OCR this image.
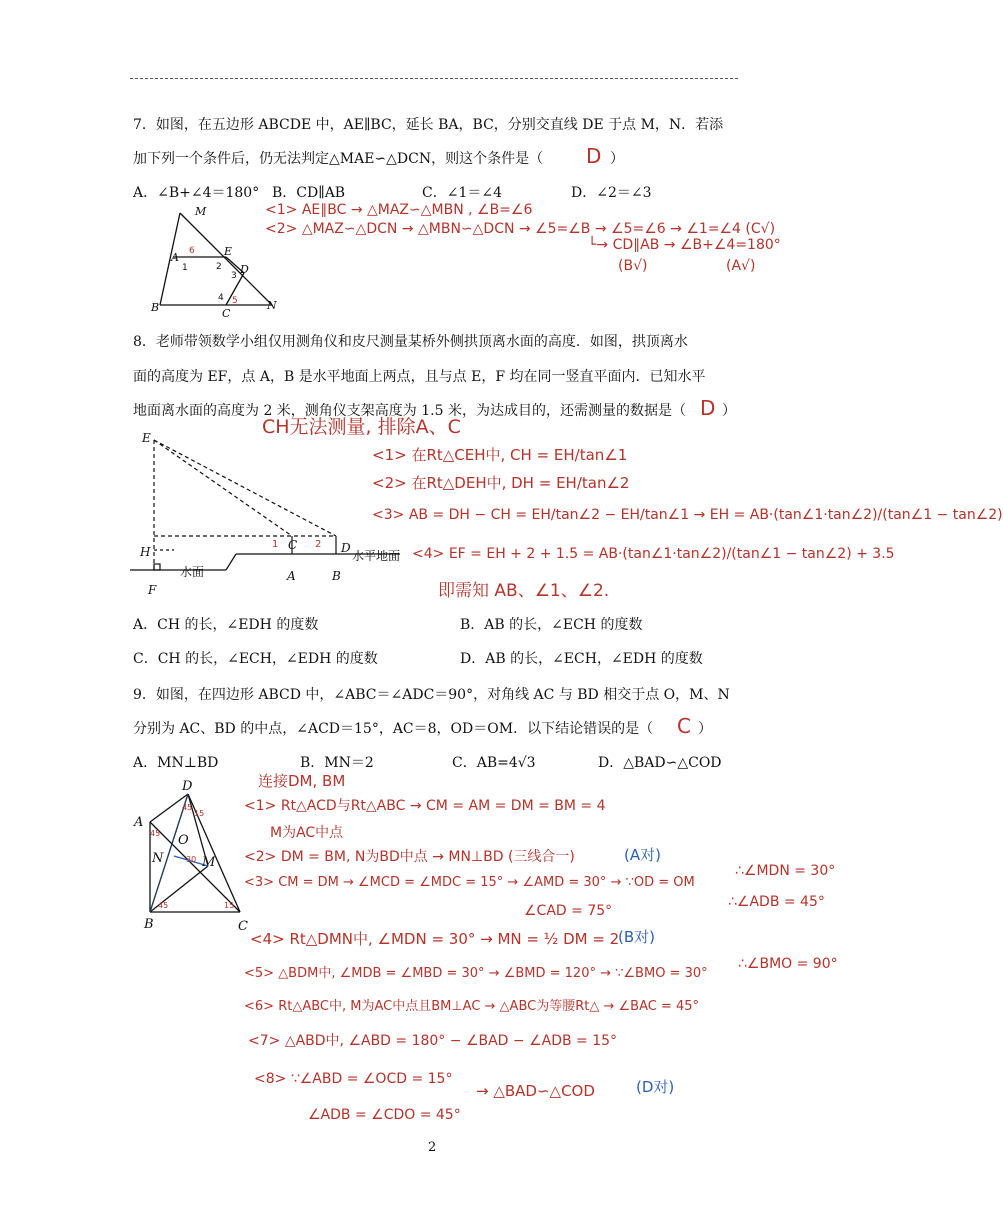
7．如图，在五边形 ABCDE 中，AE∥BC，延长 BA，BC，分别交直线 DE 于点 M，N．若添
加下列一个条件后，仍无法判定△MAE∽△DCN，则这个条件是（ D ）
A．∠B+∠4＝180° B．CD∥AB	C．∠1＝∠4	D．∠2＝∠3
M
A	E
D
B	C
N
1	2
3
4
6
5
<1> AE∥BC → △MAZ∽△MBN , ∠B=∠6
<2> △MAZ∽△DCN → △MBN∽△DCN → ∠5=∠B → ∠5=∠6 → ∠1=∠4 (C√)
└→ CD∥AB → ∠B+∠4=180°
(B√)	(A√)
8．老师带领数学小组仅用测角仪和皮尺测量某桥外侧拱顶离水面的高度．如图，拱顶离水
面的高度为 EF，点 A，B 是水平地面上两点，且与点 E，F 均在同一竖直平面内．已知水平
地面离水面的高度为 2 米，测角仪支架高度为 1.5 米，为达成目的，还需测量的数据是（ D ）
E
H
F
C	D
A	B
水面
水平地面
1	2
CH无法测量, 排除A、C
<1> 在Rt△CEH中, CH = EH/tan∠1
<2> 在Rt△DEH中, DH = EH/tan∠2
<3> AB = DH − CH = EH/tan∠2 − EH/tan∠1 → EH = AB·(tan∠1·tan∠2)/(tan∠1 − tan∠2)
<4> EF = EH + 2 + 1.5 = AB·(tan∠1·tan∠2)/(tan∠1 − tan∠2) + 3.5
即需知 AB、∠1、∠2.
A．CH 的长，∠EDH 的度数	B．AB 的长，∠ECH 的度数
C．CH 的长，∠ECH，∠EDH 的度数	D．AB 的长，∠ECH，∠EDH 的度数
9．如图，在四边形 ABCD 中，∠ABC＝∠ADC＝90°，对角线 AC 与 BD 相交于点 O，M、N
分别为 AC、BD 的中点，∠ACD＝15°，AC＝8，OD＝OM．以下结论错误的是（ C ）
A．MN⊥BD	B．MN＝2	C．AB=4√3	D．△BAD∽△COD
D
A
O
N	M
B	C
45
15
45
30
45	15
连接DM, BM
<1> Rt△ACD与Rt△ABC → CM = AM = DM = BM = 4
M为AC中点
<2> DM = BM, N为BD中点 → MN⊥BD (三线合一)	(A对)
<3> CM = DM → ∠MCD = ∠MDC = 15° → ∠AMD = 30° → ∵OD = OM
∴∠MDN = 30°
∠CAD = 75°
∴∠ADB = 45°
<4> Rt△DMN中, ∠MDN = 30° → MN = ½ DM = 2
(B对)
<5> △BDM中, ∠MDB = ∠MBD = 30° → ∠BMD = 120° → ∵∠BMO = 30°
∴∠BMO = 90°
<6> Rt△ABC中, M为AC中点且BM⊥AC → △ABC为等腰Rt△ → ∠BAC = 45°
<7> △ABD中, ∠ABD = 180° − ∠BAD − ∠ADB = 15°
<8> ∵∠ABD = ∠OCD = 15°
∠ADB = ∠CDO = 45°
→ △BAD∽△COD	(D对)
2
